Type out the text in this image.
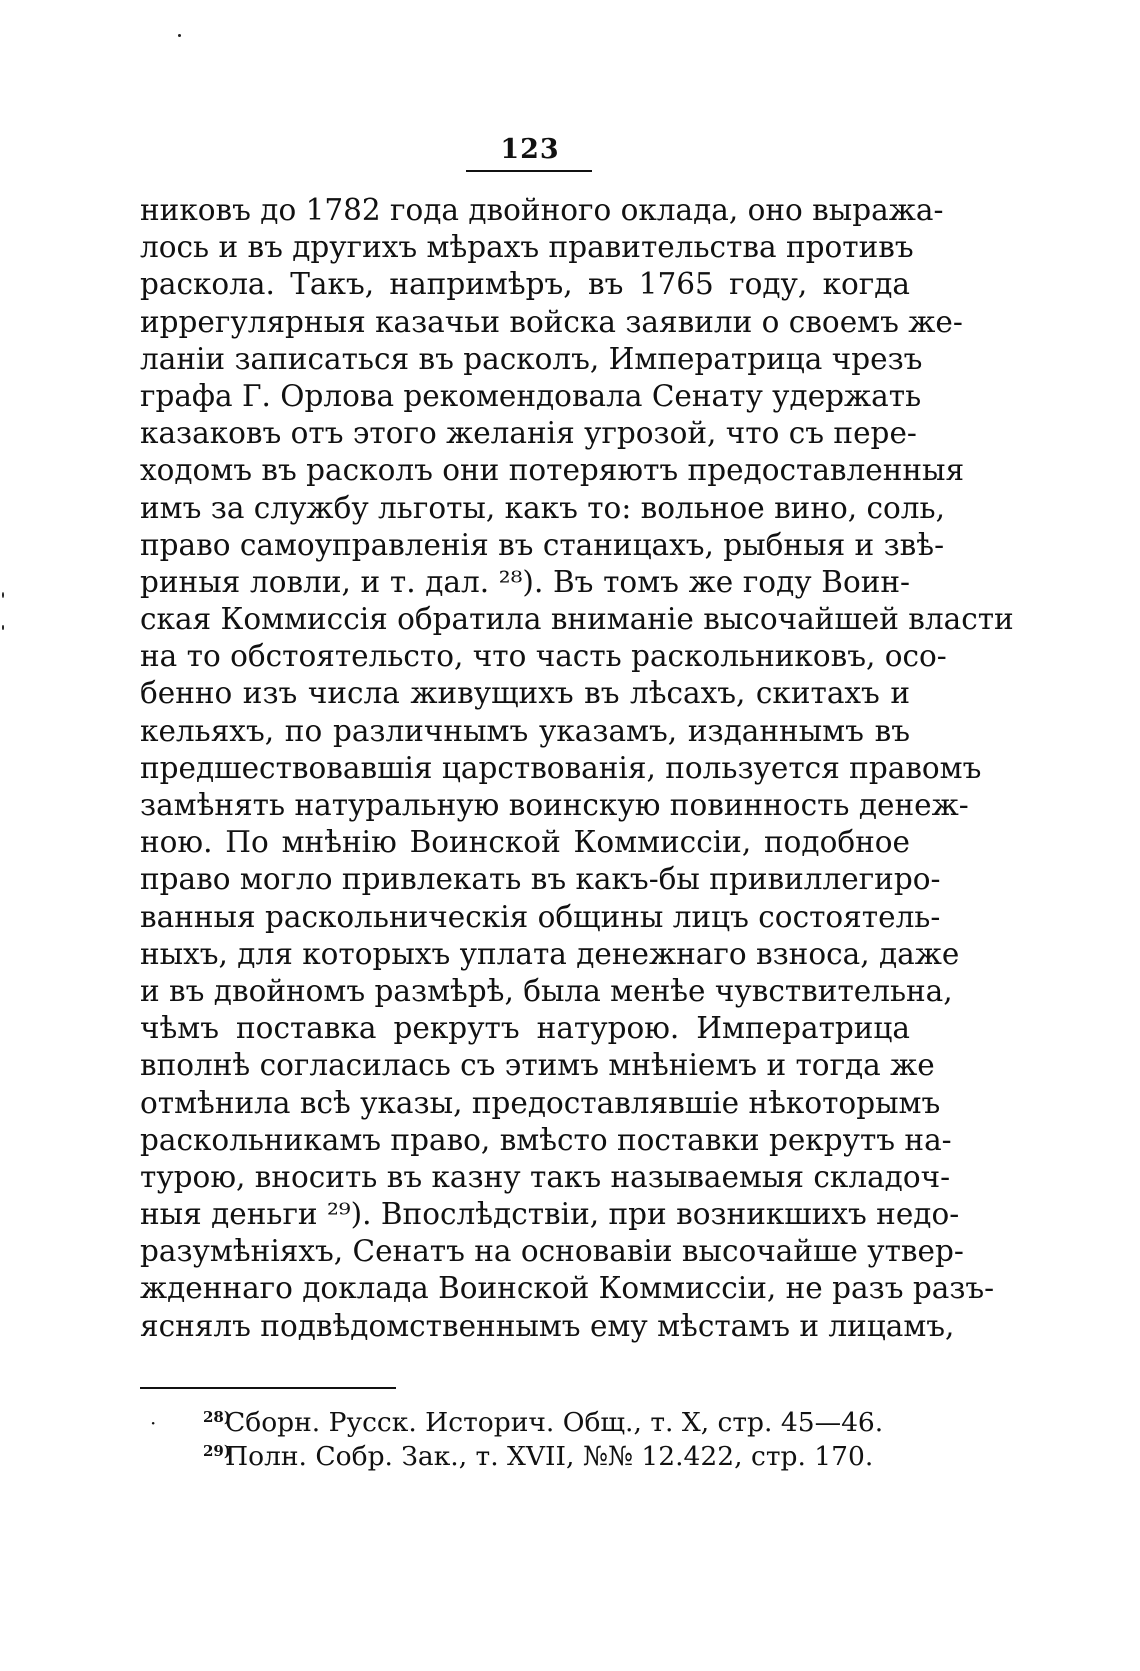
123
никовъ до 1782 года двойного оклада, оно выража-
лось и въ другихъ мѣрахъ правительства противъ
раскола. Такъ, напримѣръ, въ 1765 году, когда
иррегулярныя казачьи войска заявили о своемъ же-
ланіи записаться въ расколъ, Императрица чрезъ
графа Г. Орлова рекомендовала Сенату удержать
казаковъ отъ этого желанія угрозой, что съ пере-
ходомъ въ расколъ они потеряютъ предоставленныя
имъ за службу льготы, какъ то: вольное вино, соль,
право самоуправленія въ станицахъ, рыбныя и звѣ-
риныя ловли, и т. дал. ²⁸). Въ томъ же году Воин-
ская Коммиссія обратила вниманіе высочайшей власти
на то обстоятельсто, что часть раскольниковъ, осо-
бенно изъ числа живущихъ въ лѣсахъ, скитахъ и
кельяхъ, по различнымъ указамъ, изданнымъ въ
предшествовавшія царствованія, пользуется правомъ
замѣнять натуральную воинскую повинность денеж-
ною. По мнѣнію Воинской Коммиссіи, подобное
право могло привлекать въ какъ-бы привиллегиро-
ванныя раскольническія общины лицъ состоятель-
ныхъ, для которыхъ уплата денежнаго взноса, даже
и въ двойномъ размѣрѣ, была менѣе чувствительна,
чѣмъ поставка рекрутъ натурою. Императрица
вполнѣ согласилась съ этимъ мнѣніемъ и тогда же
отмѣнила всѣ указы, предоставлявшіе нѣкоторымъ
раскольникамъ право, вмѣсто поставки рекрутъ на-
турою, вносить въ казну такъ называемыя складоч-
ныя деньги ²⁹). Впослѣдствіи, при возникшихъ недо-
разумѣніяхъ, Сенатъ на основавіи высочайше утвер-
жденнаго доклада Воинской Коммиссіи, не разъ разъ-
яснялъ подвѣдомственнымъ ему мѣстамъ и лицамъ,
·	28)
Сборн. Русск. Историч. Общ., т. X, стр. 45—46.
29)
Полн. Собр. Зак., т. XVII, №№ 12.422, стр. 170.
